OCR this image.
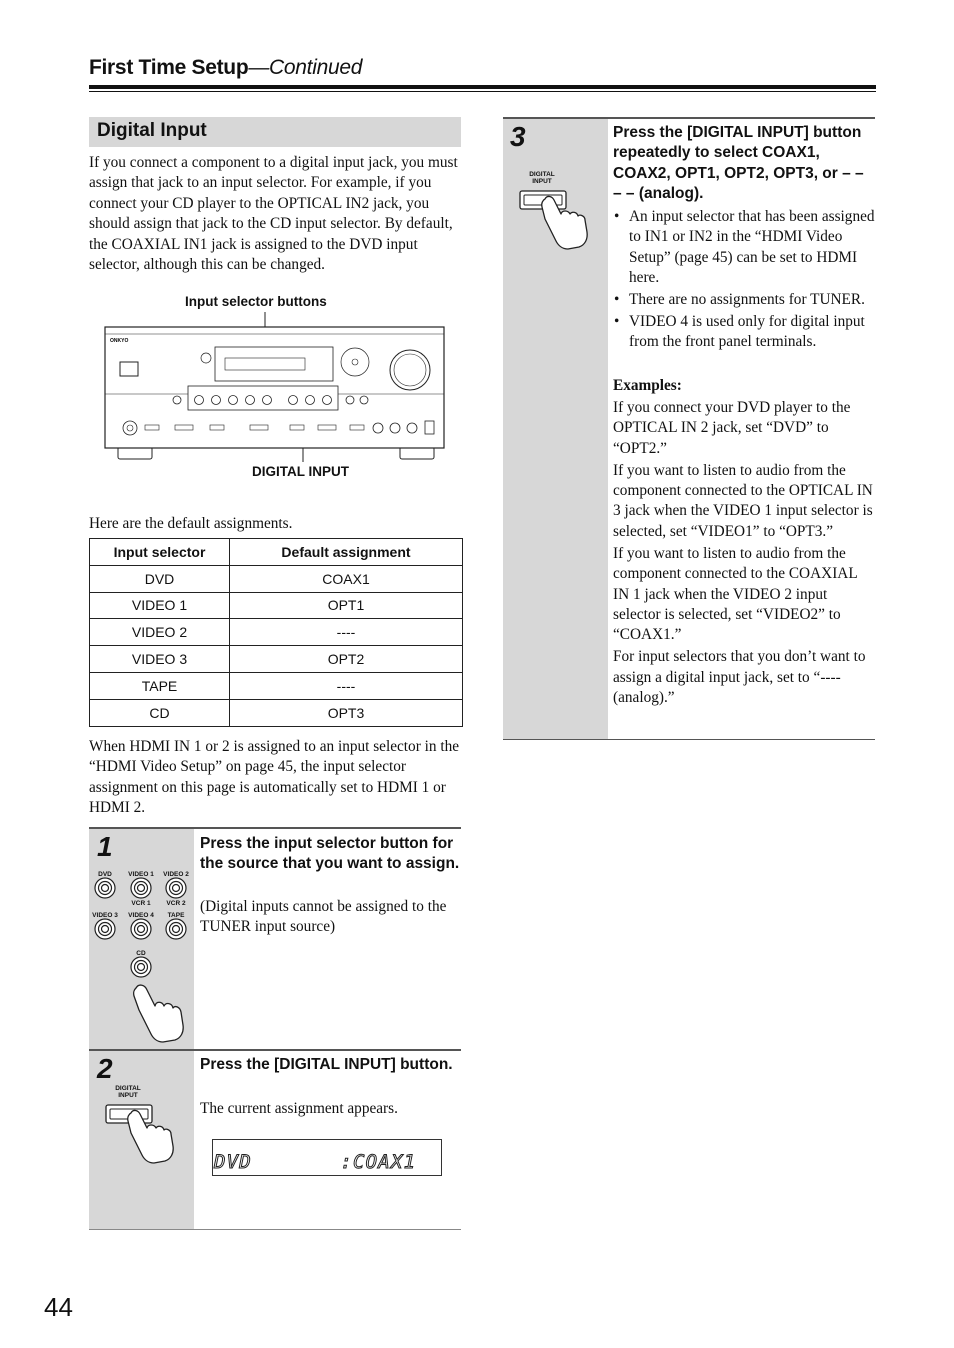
First Time Setup—Continued
Digital Input
If you connect a component to a digital input jack, you must assign that jack to an input selector. For example, if you connect your CD player to the OPTICAL IN2 jack, you should assign that jack to the CD input selector. By default, the COAXIAL IN1 jack is assigned to the DVD input selector, although this can be changed.
Input selector buttons
DIGITAL INPUT
ONKYO
Here are the default assignments.
Input selector	Default assignment
DVD	COAX1
VIDEO 1	OPT1
VIDEO 2	----
VIDEO 3	OPT2
TAPE	----
CD	OPT3
When HDMI IN 1 or 2 is assigned to an input selector in the “HDMI Video Setup” on page 45, the input selector assignment on this page is automatically set to HDMI 1 or HDMI 2.
1	Press the input selector button for the source that you want to assign.
(Digital inputs cannot be assigned to the TUNER input source)
DVD	VIDEO 1 VIDEO 2
VCR 1	VCR 2
VIDEO 3 VIDEO 4	TAPE
CD
2	Press the [DIGITAL INPUT] button.
The current assignment appears.
DIGITAL
INPUT
DVD       :COAX1
3	Press the [DIGITAL INPUT] button repeatedly to select COAX1, COAX2, OPT1, OPT2, OPT3, or – – – – (analog).
DIGITAL
INPUT
• An input selector that has been assigned to IN1 or IN2 in the “HDMI Video Setup” (page 45) can be set to HDMI here.
• There are no assignments for TUNER.
• VIDEO 4 is used only for digital input from the front panel terminals.

Examples:

If you connect your DVD player to the OPTICAL IN 2 jack, set “DVD” to “OPT2.”

If you want to listen to audio from the component connected to the OPTICAL IN 3 jack when the VIDEO 1 input selector is selected, set “VIDEO1” to “OPT3.”

If you want to listen to audio from the component connected to the COAXIAL IN 1 jack when the VIDEO 2 input selector is selected, set “VIDEO2” to “COAX1.”

For input selectors that you don’t want to assign a digital input jack, set to “---- (analog).”

44
